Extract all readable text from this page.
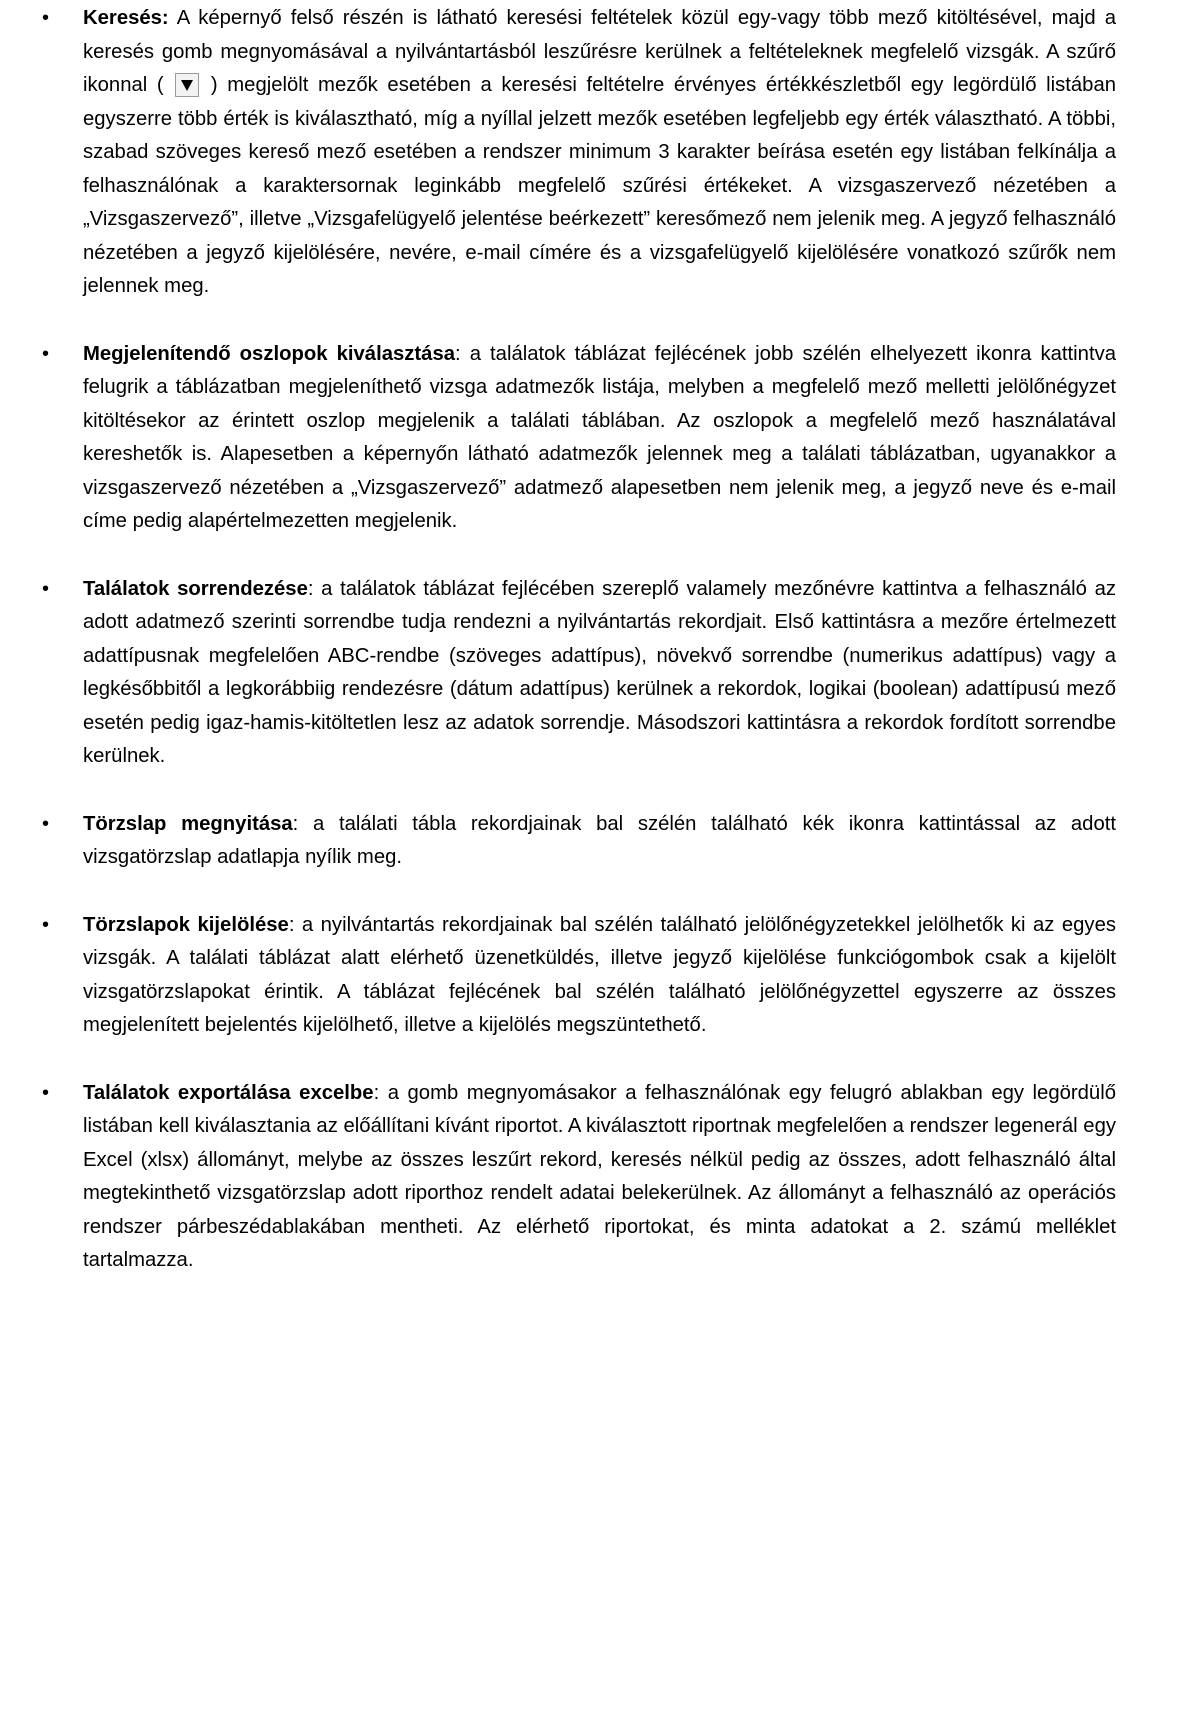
• Keresés: A képernyő felső részén is látható keresési feltételek közül egy-vagy több mező kitöltésével, majd a keresés gomb megnyomásával a nyilvántartásból leszűrésre kerülnek a feltételeknek megfelelő vizsgák. A szűrő ikonnal ( ) megjelölt mezők esetében a keresési feltételre érvényes értékkészletből egy legördülő listában egyszerre több érték is kiválasztható, míg a nyíllal jelzett mezők esetében legfeljebb egy érték választható. A többi, szabad szöveges kereső mező esetében a rendszer minimum 3 karakter beírása esetén egy listában felkínálja a felhasználónak a karaktersornak leginkább megfelelő szűrési értékeket. A vizsgaszervező nézetében a „Vizsgaszervező”, illetve „Vizsgafelügyelő jelentése beérkezett” keresőmező nem jelenik meg. A jegyző felhasználó nézetében a jegyző kijelölésére, nevére, e-mail címére és a vizsgafelügyelő kijelölésére vonatkozó szűrők nem jelennek meg.

• Megjelenítendő oszlopok kiválasztása: a találatok táblázat fejlécének jobb szélén elhelyezett ikonra kattintva felugrik a táblázatban megjeleníthető vizsga adatmezők listája, melyben a megfelelő mező melletti jelölőnégyzet kitöltésekor az érintett oszlop megjelenik a találati táblában. Az oszlopok a megfelelő mező használatával kereshetők is. Alapesetben a képernyőn látható adatmezők jelennek meg a találati táblázatban, ugyanakkor a vizsgaszervező nézetében a „Vizsgaszervező” adatmező alapesetben nem jelenik meg, a jegyző neve és e-mail címe pedig alapértelmezetten megjelenik.

• Találatok sorrendezése: a találatok táblázat fejlécében szereplő valamely mezőnévre kattintva a felhasználó az adott adatmező szerinti sorrendbe tudja rendezni a nyilvántartás rekordjait. Első kattintásra a mezőre értelmezett adattípusnak megfelelően ABC-rendbe (szöveges adattípus), növekvő sorrendbe (numerikus adattípus) vagy a legkésőbbitől a legkorábbiig rendezésre (dátum adattípus) kerülnek a rekordok, logikai (boolean) adattípusú mező esetén pedig igaz-hamis-kitöltetlen lesz az adatok sorrendje. Másodszori kattintásra a rekordok fordított sorrendbe kerülnek.

• Törzslap megnyitása: a találati tábla rekordjainak bal szélén található kék ikonra kattintással az adott vizsgatörzslap adatlapja nyílik meg.

• Törzslapok kijelölése: a nyilvántartás rekordjainak bal szélén található jelölőnégyzetekkel jelölhetők ki az egyes vizsgák. A találati táblázat alatt elérhető üzenetküldés, illetve jegyző kijelölése funkciógombok csak a kijelölt vizsgatörzslapokat érintik. A táblázat fejlécének bal szélén található jelölőnégyzettel egyszerre az összes megjelenített bejelentés kijelölhető, illetve a kijelölés megszüntethető.

• Találatok exportálása excelbe: a gomb megnyomásakor a felhasználónak egy felugró ablakban egy legördülő listában kell kiválasztania az előállítani kívánt riportot. A kiválasztott riportnak megfelelően a rendszer legenerál egy Excel (xlsx) állományt, melybe az összes leszűrt rekord, keresés nélkül pedig az összes, adott felhasználó által megtekinthető vizsgatörzslap adott riporthoz rendelt adatai belekerülnek. Az állományt a felhasználó az operációs rendszer párbeszédablakában mentheti. Az elérhető riportokat, és minta adatokat a 2. számú melléklet tartalmazza.
